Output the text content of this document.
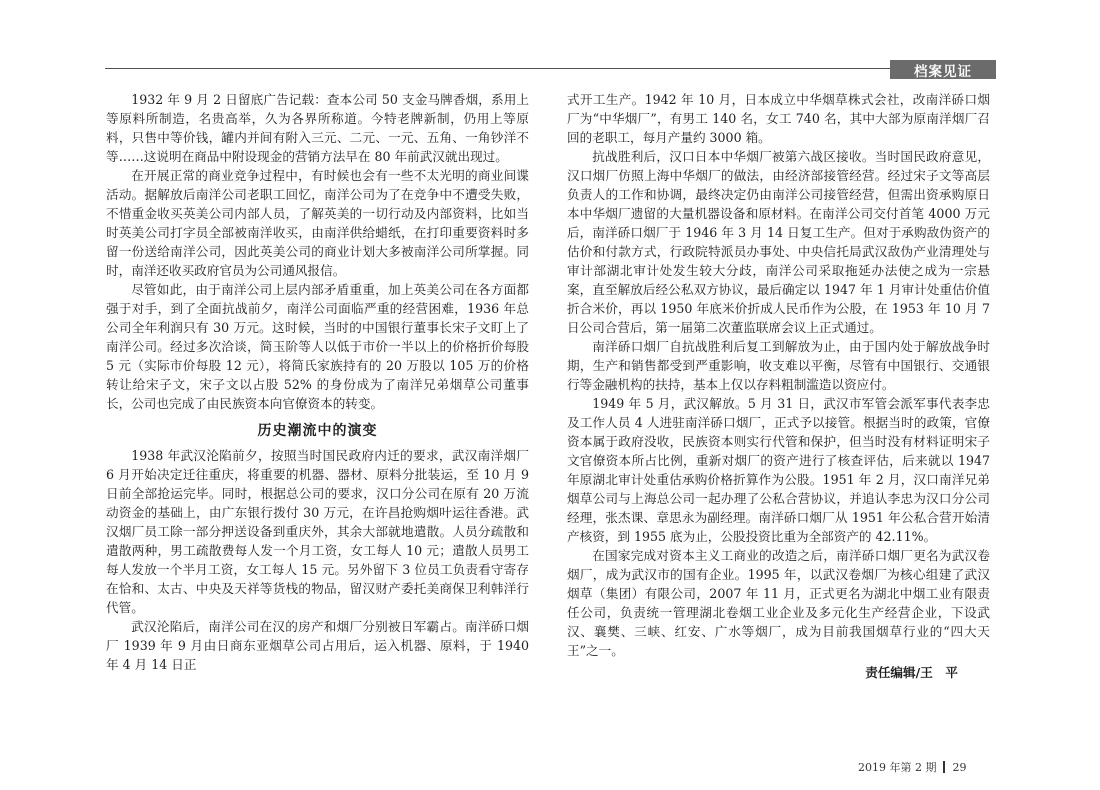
档案见证

1932 年 9 月 2 日留底广告记载：查本公司 50 支金马牌香烟，系用上等原料所制造，名贵高举，久为各界所称道。今特老牌新制，仍用上等原料，只售中等价钱，罐内并间有附入三元、二元、一元、五角、一角钞洋不等……这说明在商品中附设现金的营销方法早在 80 年前武汉就出现过。

在开展正常的商业竞争过程中，有时候也会有一些不太光明的商业间谍活动。据解放后南洋公司老职工回忆，南洋公司为了在竞争中不遭受失败，不惜重金收买英美公司内部人员，了解英美的一切行动及内部资料，比如当时英美公司打字员全部被南洋收买，由南洋供给蜡纸，在打印重要资料时多留一份送给南洋公司，因此英美公司的商业计划大多被南洋公司所掌握。同时，南洋还收买政府官员为公司通风报信。

尽管如此，由于南洋公司上层内部矛盾重重，加上英美公司在各方面都强于对手，到了全面抗战前夕，南洋公司面临严重的经营困难，1936 年总公司全年利润只有 30 万元。这时候，当时的中国银行董事长宋子文盯上了南洋公司。经过多次洽谈，简玉阶等人以低于市价一半以上的价格折价每股 5 元（实际市价每股 12 元），将简氏家族持有的 20 万股以 105 万的价格转让给宋子文，宋子文以占股 52% 的身份成为了南洋兄弟烟草公司董事长，公司也完成了由民族资本向官僚资本的转变。

历史潮流中的演变

1938 年武汉沦陷前夕，按照当时国民政府内迁的要求，武汉南洋烟厂 6 月开始决定迁往重庆，将重要的机器、器材、原料分批装运，至 10 月 9 日前全部抢运完毕。同时，根据总公司的要求，汉口分公司在原有 20 万流动资金的基础上，由广东银行拨付 30 万元，在许昌抢购烟叶运往香港。武汉烟厂员工除一部分押送设备到重庆外，其余大部就地遣散。人员分疏散和遣散两种，男工疏散费每人发一个月工资，女工每人 10 元；遣散人员男工每人发放一个半月工资，女工每人 15 元。另外留下 3 位员工负责看守寄存在恰和、太古、中央及天祥等货栈的物品，留汉财产委托美商保卫利韩洋行代管。

武汉沦陷后，南洋公司在汉的房产和烟厂分别被日军霸占。南洋硚口烟厂 1939 年 9 月由日商东亚烟草公司占用后，运入机器、原料，于 1940 年 4 月 14 日正

式开工生产。1942 年 10 月，日本成立中华烟草株式会社，改南洋硚口烟厂为“中华烟厂”，有男工 140 名，女工 740 名，其中大部为原南洋烟厂召回的老职工，每月产量约 3000 箱。

抗战胜利后，汉口日本中华烟厂被第六战区接收。当时国民政府意见，汉口烟厂仿照上海中华烟厂的做法，由经济部接管经营。经过宋子文等高层负责人的工作和协调，最终决定仍由南洋公司接管经营，但需出资承购原日本中华烟厂遗留的大量机器设备和原材料。在南洋公司交付首笔 4000 万元后，南洋硚口烟厂于 1946 年 3 月 14 日复工生产。但对于承购敌伪资产的估价和付款方式，行政院特派员办事处、中央信托局武汉敌伪产业清理处与审计部湖北审计处发生较大分歧，南洋公司采取拖延办法使之成为一宗悬案，直至解放后经公私双方协议，最后确定以 1947 年 1 月审计处重估价值折合米价，再以 1950 年底米价折成人民币作为公股，在 1953 年 10 月 7 日公司合营后，第一届第二次董监联席会议上正式通过。

南洋硚口烟厂自抗战胜利后复工到解放为止，由于国内处于解放战争时期，生产和销售都受到严重影响，收支难以平衡，尽管有中国银行、交通银行等金融机构的扶持，基本上仅以存料粗制滥造以资应付。

1949 年 5 月，武汉解放。5 月 31 日，武汉市军管会派军事代表李忠及工作人员 4 人进驻南洋硚口烟厂，正式予以接管。根据当时的政策，官僚资本属于政府没收，民族资本则实行代管和保护，但当时没有材料证明宋子文官僚资本所占比例，重新对烟厂的资产进行了核查评估，后来就以 1947 年原湖北审计处重估承购价格折算作为公股。1951 年 2 月，汉口南洋兄弟烟草公司与上海总公司一起办理了公私合营协议，并追认李忠为汉口分公司经理，张杰课、章思永为副经理。南洋硚口烟厂从 1951 年公私合营开始清产核资，到 1955 底为止，公股投资比重为全部资产的 42.11%。

在国家完成对资本主义工商业的改造之后，南洋硚口烟厂更名为武汉卷烟厂，成为武汉市的国有企业。1995 年，以武汉卷烟厂为核心组建了武汉烟草（集团）有限公司，2007 年 11 月，正式更名为湖北中烟工业有限责任公司，负责统一管理湖北卷烟工业企业及多元化生产经营企业，下设武汉、襄樊、三峡、红安、广水等烟厂，成为目前我国烟草行业的“四大天王”之一。

责任编辑/王　平
2019 年第 2 期 29
